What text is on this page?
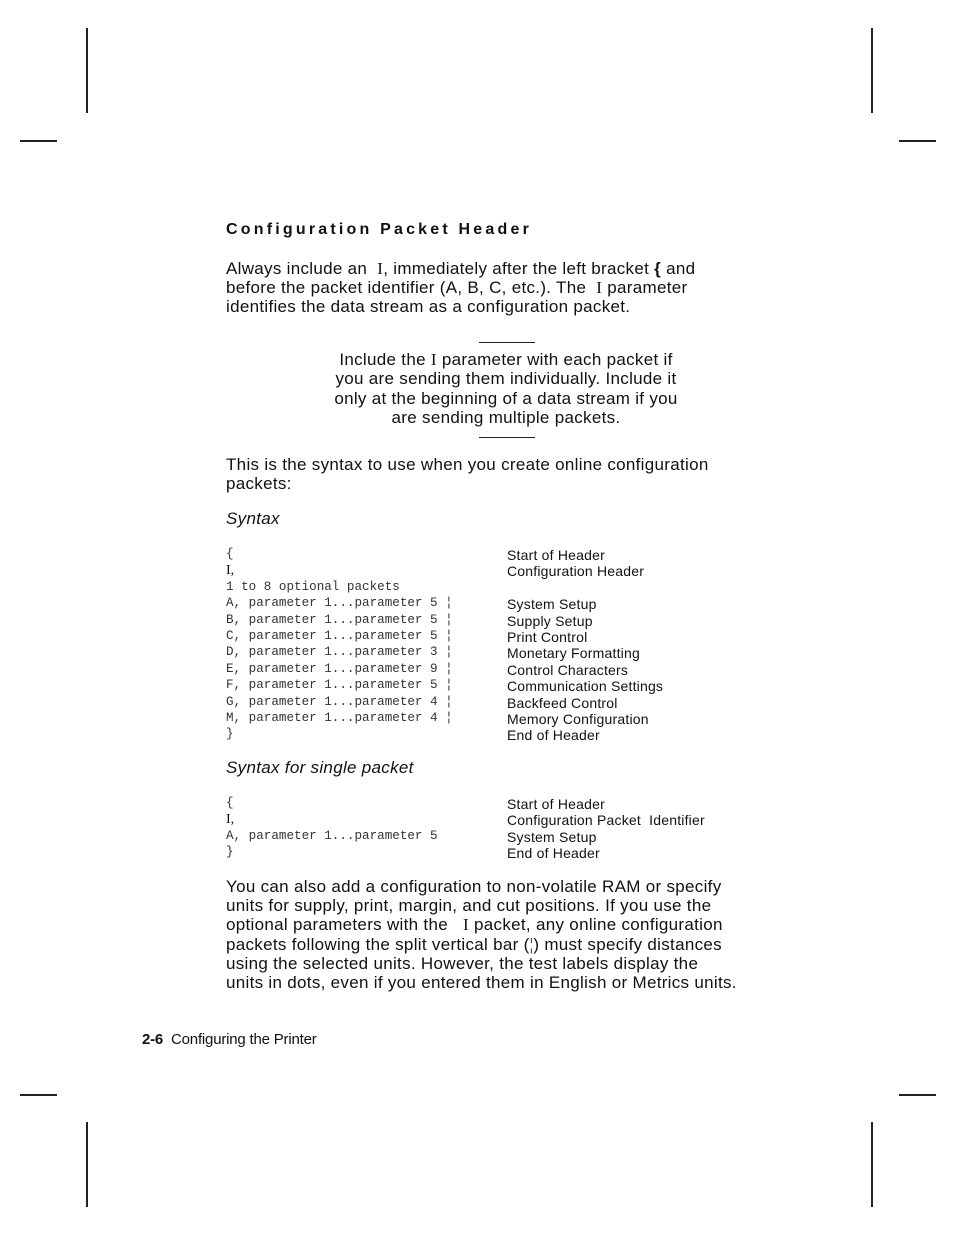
Configuration Packet Header
Always include an I, immediately after the left bracket { and
before the packet identifier (A, B, C, etc.). The I parameter
identifies the data stream as a configuration packet.
Include the I parameter with each packet if
you are sending them individually. Include it
only at the beginning of a data stream if you
are sending multiple packets.
This is the syntax to use when you create online configuration
packets:
Syntax
{	Start of Header
I,	Configuration Header
1 to 8 optional packets
A, parameter 1...parameter 5 ¦	System Setup
B, parameter 1...parameter 5 ¦	Supply Setup
C, parameter 1...parameter 5 ¦	Print Control
D, parameter 1...parameter 3 ¦	Monetary Formatting
E, parameter 1...parameter 9 ¦	Control Characters
F, parameter 1...parameter 5 ¦	Communication Settings
G, parameter 1...parameter 4 ¦	Backfeed Control
M, parameter 1...parameter 4 ¦	Memory Configuration
}	End of Header
Syntax for single packet
{	Start of Header
I,	Configuration Packet  Identifier
A, parameter 1...parameter 5	System Setup
}	End of Header
You can also add a configuration to non-volatile RAM or specify
units for supply, print, margin, and cut positions. If you use the
optional parameters with the I packet, any online configuration
packets following the split vertical bar (¦) must specify distances
using the selected units. However, the test labels display the
units in dots, even if you entered them in English or Metrics units.
2-6 Configuring the Printer
